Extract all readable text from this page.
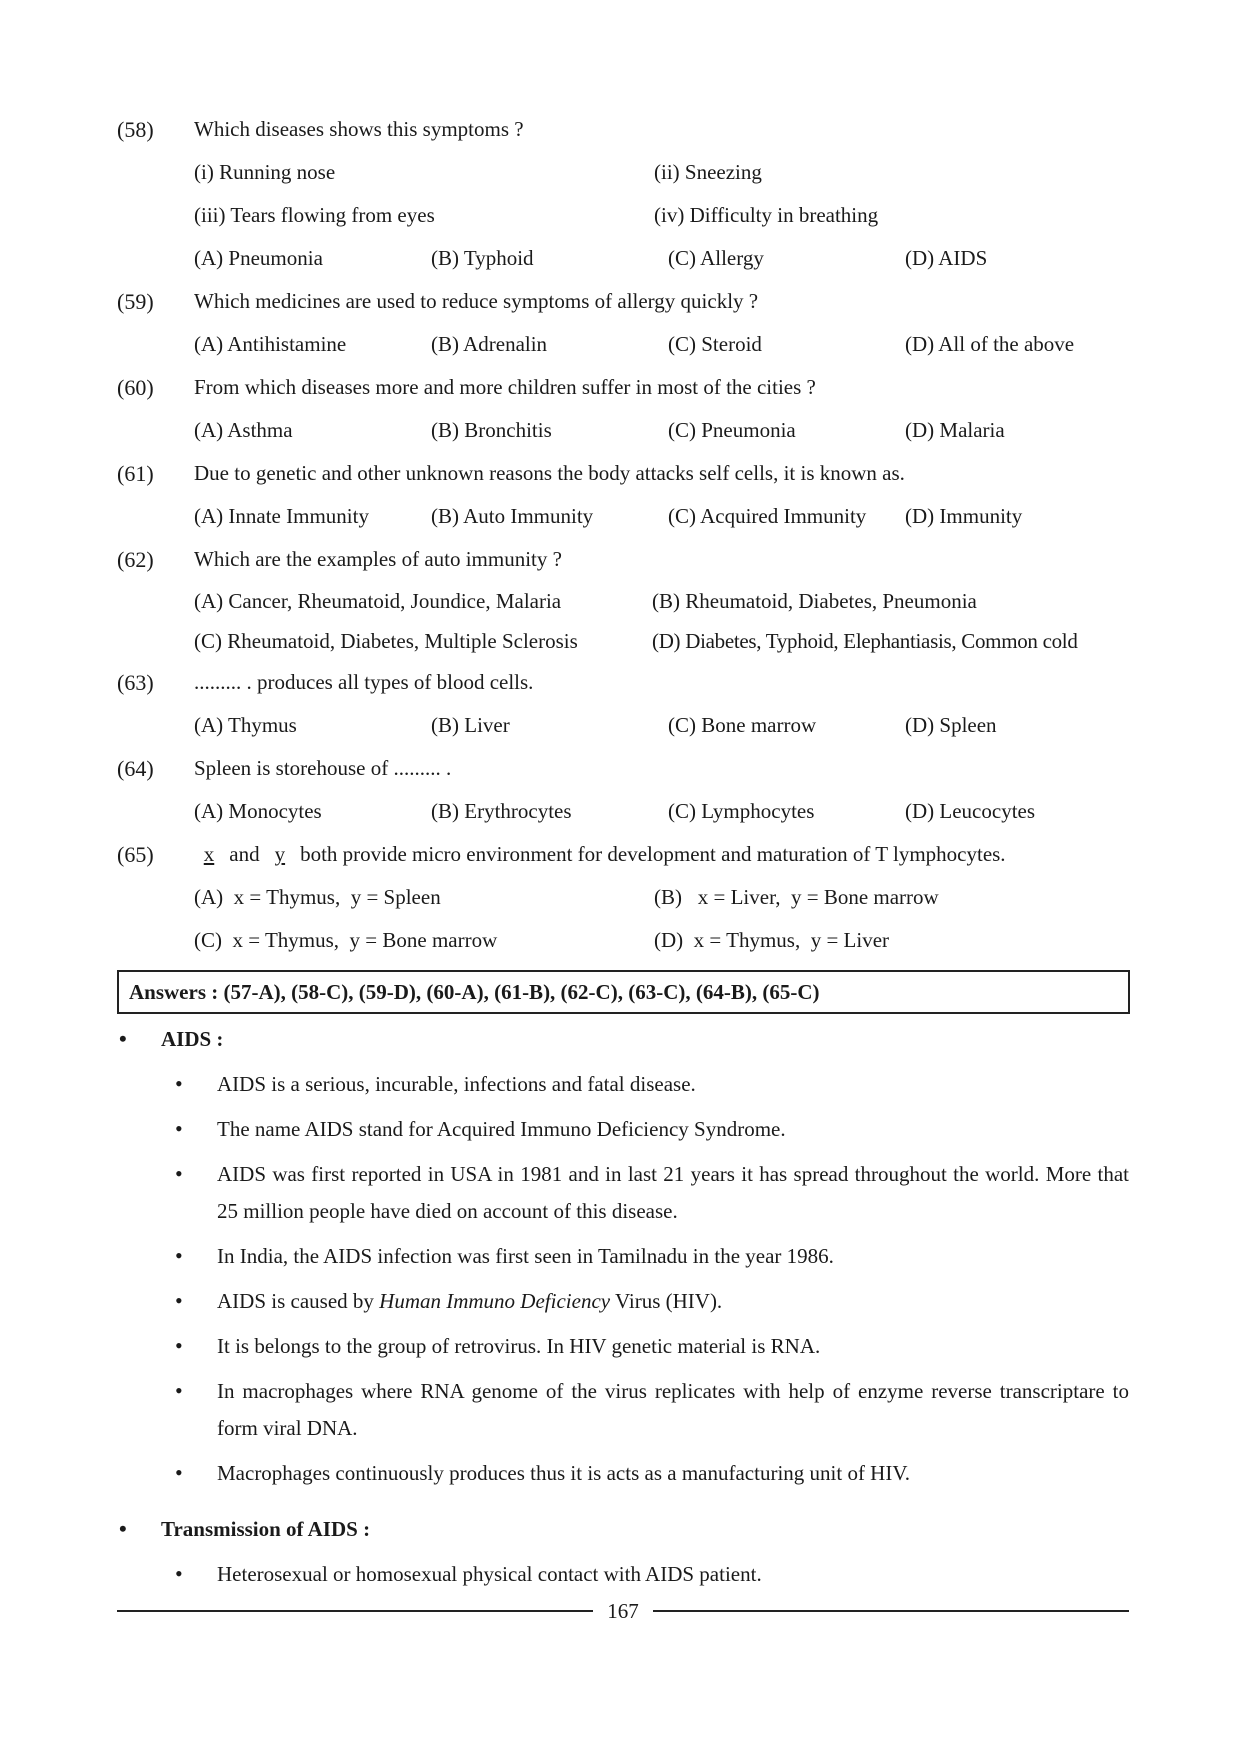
(58)	Which diseases shows this symptoms ?
(i) Running nose	(ii) Sneezing
(iii) Tears flowing from eyes	(iv) Difficulty in breathing
(A) Pneumonia	(B) Typhoid	(C) Allergy	(D) AIDS
(59)	Which medicines are used to reduce symptoms of allergy quickly ?
(A) Antihistamine	(B) Adrenalin	(C) Steroid	(D) All of the above
(60)	From which diseases more and more children suffer in most of the cities ?
(A) Asthma	(B) Bronchitis	(C) Pneumonia	(D) Malaria
(61)	Due to genetic and other unknown reasons the body attacks self cells, it is known as.
(A) Innate Immunity	(B) Auto Immunity	(C) Acquired Immunity	(D) Immunity
(62)	Which are the examples of auto immunity ?
(A) Cancer, Rheumatoid, Joundice, Malaria	(B) Rheumatoid, Diabetes, Pneumonia
(C) Rheumatoid, Diabetes, Multiple Sclerosis	(D) Diabetes, Typhoid, Elephantiasis, Common cold
(63)	......... . produces all types of blood cells.
(A) Thymus	(B) Liver	(C) Bone marrow	(D) Spleen
(64)	Spleen is storehouse of ......... .
(A) Monocytes	(B) Erythrocytes	(C) Lymphocytes	(D) Leucocytes
(65)	x and y both provide micro environment for development and maturation of T lymphocytes.
(A)  x = Thymus,  y = Spleen	(B)   x = Liver,  y = Bone marrow
(C)  x = Thymus,  y = Bone marrow	(D)  x = Thymus,  y = Liver
Answers : (57-A), (58-C), (59-D), (60-A), (61-B), (62-C), (63-C), (64-B), (65-C)
•	AIDS :
•	AIDS is a serious, incurable, infections and fatal disease.
•	The name AIDS stand for Acquired Immuno Deficiency Syndrome.
•	AIDS was first reported in USA in 1981 and in last 21 years it has spread throughout the world. More that 25 million people have died on account of this disease.
•	In India, the AIDS infection was first seen in Tamilnadu in the year 1986.
•	AIDS is caused by Human Immuno Deficiency Virus (HIV).
•	It is belongs to the group of retrovirus. In HIV genetic material is RNA.
•	In macrophages where RNA genome of the virus replicates with help of enzyme reverse transcriptare to form viral DNA.
•	Macrophages continuously produces thus it is acts as a manufacturing unit of HIV.
•	Transmission of AIDS :
•	Heterosexual or homosexual physical contact with AIDS patient.
167
